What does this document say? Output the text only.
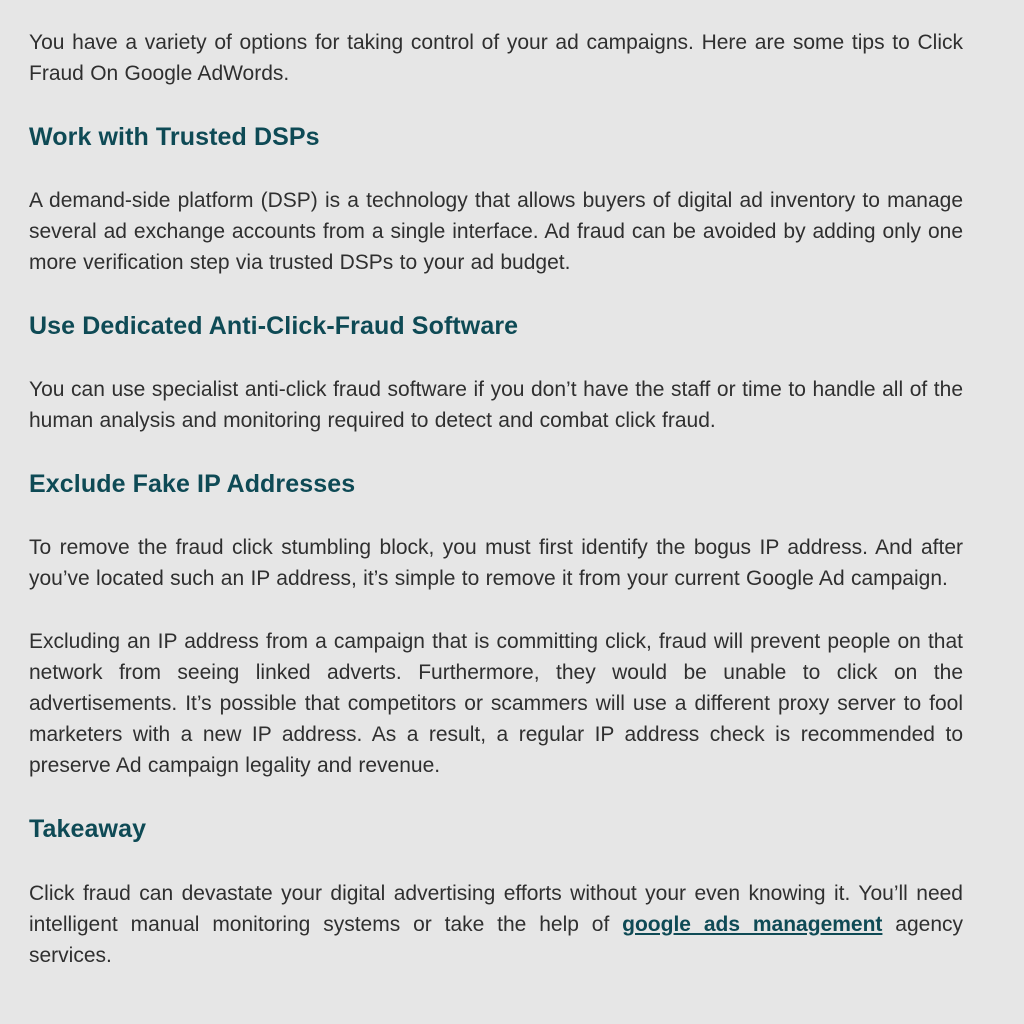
You have a variety of options for taking control of your ad campaigns. Here are some tips to Click Fraud On Google AdWords.

Work with Trusted DSPs

A demand-side platform (DSP) is a technology that allows buyers of digital ad inventory to manage several ad exchange accounts from a single interface. Ad fraud can be avoided by adding only one more verification step via trusted DSPs to your ad budget.

Use Dedicated Anti-Click-Fraud Software

You can use specialist anti-click fraud software if you don’t have the staff or time to handle all of the human analysis and monitoring required to detect and combat click fraud.

Exclude Fake IP Addresses

To remove the fraud click stumbling block, you must first identify the bogus IP address. And after you’ve located such an IP address, it’s simple to remove it from your current Google Ad campaign.

Excluding an IP address from a campaign that is committing click, fraud will prevent people on that network from seeing linked adverts. Furthermore, they would be unable to click on the advertisements. It’s possible that competitors or scammers will use a different proxy server to fool marketers with a new IP address. As a result, a regular IP address check is recommended to preserve Ad campaign legality and revenue.

Takeaway

Click fraud can devastate your digital advertising efforts without your even knowing it. You’ll need intelligent manual monitoring systems or take the help of google ads management agency services.
